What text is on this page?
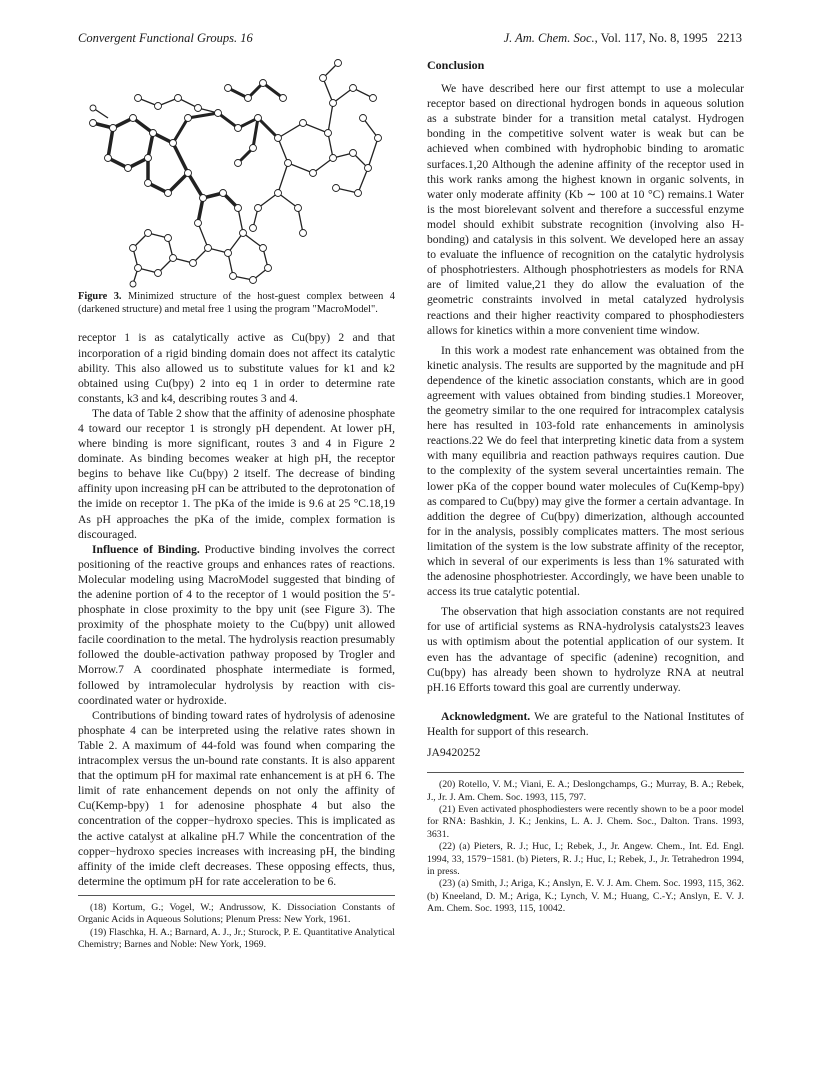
Convergent Functional Groups. 16	J. Am. Chem. Soc., Vol. 117, No. 8, 1995 2213
Figure 3. Minimized structure of the host-guest complex between 4 (darkened structure) and metal free 1 using the program "MacroModel".

receptor 1 is as catalytically active as Cu(bpy) 2 and that incorporation of a rigid binding domain does not affect its catalytic ability. This also allowed us to substitute values for k1 and k2 obtained using Cu(bpy) 2 into eq 1 in order to determine rate constants, k3 and k4, describing routes 3 and 4.

The data of Table 2 show that the affinity of adenosine phosphate 4 toward our receptor 1 is strongly pH dependent. At lower pH, where binding is more significant, routes 3 and 4 in Figure 2 dominate. As binding becomes weaker at high pH, the receptor begins to behave like Cu(bpy) 2 itself. The decrease of binding affinity upon increasing pH can be attributed to the deprotonation of the imide on receptor 1. The pKa of the imide is 9.6 at 25 °C.18,19 As pH approaches the pKa of the imide, complex formation is discouraged.

Influence of Binding. Productive binding involves the correct positioning of the reactive groups and enhances rates of reactions. Molecular modeling using MacroModel suggested that binding of the adenine portion of 4 to the receptor of 1 would position the 5′-phosphate in close proximity to the bpy unit (see Figure 3). The proximity of the phosphate moiety to the Cu(bpy) unit allowed facile coordination to the metal. The hydrolysis reaction presumably followed the double-activation pathway proposed by Trogler and Morrow.7 A coordinated phosphate intermediate is formed, followed by intramolecular hydrolysis by reaction with cis-coordinated water or hydroxide.

Contributions of binding toward rates of hydrolysis of adenosine phosphate 4 can be interpreted using the relative rates shown in Table 2. A maximum of 44-fold was found when comparing the intracomplex versus the un-bound rate constants. It is also apparent that the optimum pH for maximal rate enhancement is at pH 6. The limit of rate enhancement depends on not only the affinity of Cu(Kemp-bpy) 1 for adenosine phosphate 4 but also the concentration of the copper−hydroxo species. This is implicated as the active catalyst at alkaline pH.7 While the concentration of the copper−hydroxo species increases with increasing pH, the binding affinity of the imide cleft decreases. These opposing effects, thus, determine the optimum pH for rate acceleration to be 6.

(18) Kortum, G.; Vogel, W.; Andrussow, K. Dissociation Constants of Organic Acids in Aqueous Solutions; Plenum Press: New York, 1961.
(19) Flaschka, H. A.; Barnard, A. J., Jr.; Sturock, P. E. Quantitative Analytical Chemistry; Barnes and Noble: New York, 1969.
Conclusion

We have described here our first attempt to use a molecular receptor based on directional hydrogen bonds in aqueous solution as a substrate binder for a transition metal catalyst. Hydrogen bonding in the competitive solvent water is weak but can be achieved when combined with hydrophobic binding to aromatic surfaces.1,20 Although the adenine affinity of the receptor used in this work ranks among the highest known in organic solvents, in water only moderate affinity (Kb ∼ 100 at 10 °C) remains.1 Water is the most biorelevant solvent and therefore a successful enzyme model should exhibit substrate recognition (involving also H-bonding) and catalysis in this solvent. We developed here an assay to evaluate the influence of recognition on the catalytic hydrolysis of phosphotriesters. Although phosphotriesters as models for RNA are of limited value,21 they do allow the evaluation of the geometric constraints involved in metal catalyzed hydrolysis reactions and their higher reactivity compared to phosphodiesters allows for kinetics within a more convenient time window.

In this work a modest rate enhancement was obtained from the kinetic analysis. The results are supported by the magnitude and pH dependence of the kinetic association constants, which are in good agreement with values obtained from binding studies.1 Moreover, the geometry similar to the one required for intracomplex catalysis here has resulted in 103-fold rate enhancements in aminolysis reactions.22 We do feel that interpreting kinetic data from a system with many equilibria and reaction pathways requires caution. Due to the complexity of the system several uncertainties remain. The lower pKa of the copper bound water molecules of Cu(Kemp-bpy) as compared to Cu(bpy) may give the former a certain advantage. In addition the degree of Cu(bpy) dimerization, although accounted for in the analysis, possibly complicates matters. The most serious limitation of the system is the low substrate affinity of the receptor, which in several of our experiments is less than 1% saturated with the adenosine phosphotriester. Accordingly, we have been unable to access its true catalytic potential.

The observation that high association constants are not required for use of artificial systems as RNA-hydrolysis catalysts23 leaves us with optimism about the potential application of our system. It even has the advantage of specific (adenine) recognition, and Cu(bpy) has already been shown to hydrolyze RNA at neutral pH.16 Efforts toward this goal are currently underway.

Acknowledgment. We are grateful to the National Institutes of Health for support of this research.

JA9420252

(20) Rotello, V. M.; Viani, E. A.; Deslongchamps, G.; Murray, B. A.; Rebek, J., Jr. J. Am. Chem. Soc. 1993, 115, 797.
(21) Even activated phosphodiesters were recently shown to be a poor model for RNA: Bashkin, J. K.; Jenkins, L. A. J. Chem. Soc., Dalton. Trans. 1993, 3631.
(22) (a) Pieters, R. J.; Huc, I.; Rebek, J., Jr. Angew. Chem., Int. Ed. Engl. 1994, 33, 1579−1581. (b) Pieters, R. J.; Huc, I.; Rebek, J., Jr. Tetrahedron 1994, in press.
(23) (a) Smith, J.; Ariga, K.; Anslyn, E. V. J. Am. Chem. Soc. 1993, 115, 362. (b) Kneeland, D. M.; Ariga, K.; Lynch, V. M.; Huang, C.-Y.; Anslyn, E. V. J. Am. Chem. Soc. 1993, 115, 10042.
